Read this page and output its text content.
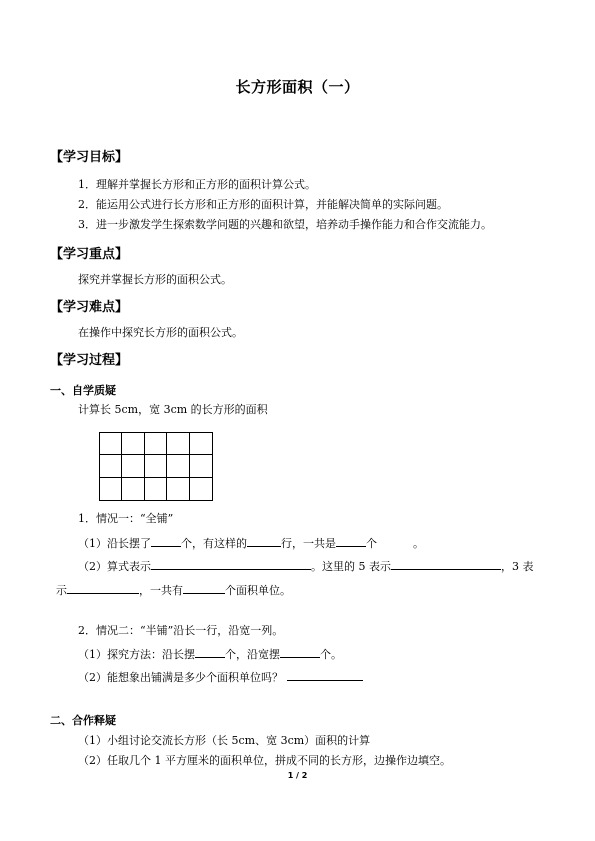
长方形面积（一）
【学习目标】
1．理解并掌握长方形和正方形的面积计算公式。
2．能运用公式进行长方形和正方形的面积计算，并能解决简单的实际问题。
3．进一步激发学生探索数学问题的兴趣和欲望，培养动手操作能力和合作交流能力。
【学习重点】
探究并掌握长方形的面积公式。
【学习难点】
在操作中探究长方形的面积公式。
【学习过程】
一、自学质疑
计算长 5cm，宽 3cm 的长方形的面积
1．情况一：“全铺”
（1）沿长摆了	个，有这样的	行，一共是	个	。
（2）算式表示	。这里的 5 表示	，3 表
示	，一共有	个面积单位。
2．情况二：“半铺”沿长一行，沿宽一列。
（1）探究方法：沿长摆	个，沿宽摆	个。
（2）能想象出铺满是多少个面积单位吗？
二、合作释疑
（1）小组讨论交流长方形（长 5cm、宽 3cm）面积的计算
（2）任取几个 1 平方厘米的面积单位，拼成不同的长方形，边操作边填空。
1 / 2
